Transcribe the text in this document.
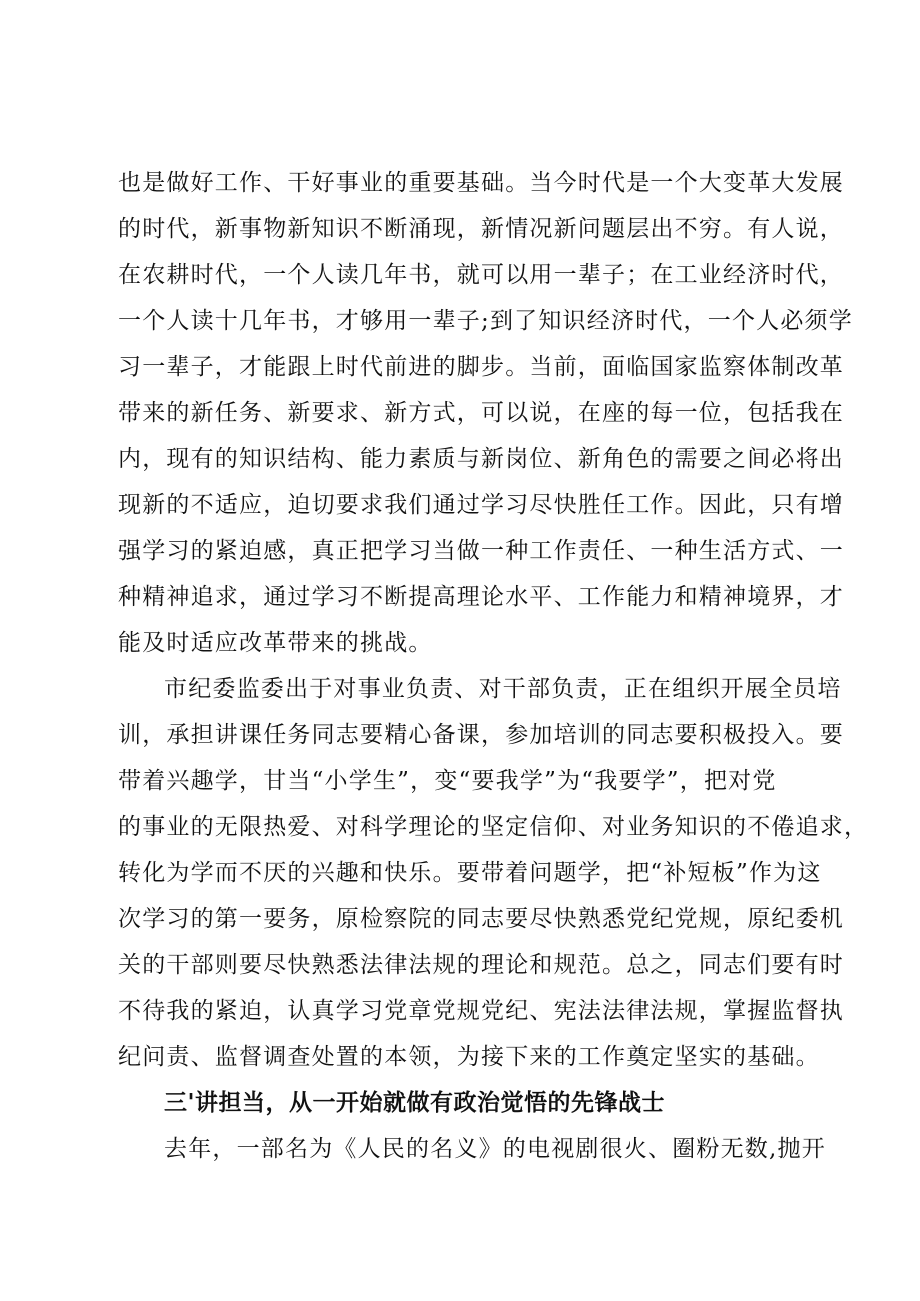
也是做好工作、干好事业的重要基础。当今时代是一个大变革大发展
的时代，新事物新知识不断涌现，新情况新问题层出不穷。有人说，
在农耕时代，一个人读几年书，就可以用一辈子；在工业经济时代，
一个人读十几年书，才够用一辈子;到了知识经济时代，一个人必须学
习一辈子，才能跟上时代前进的脚步。当前，面临国家监察体制改革
带来的新任务、新要求、新方式，可以说，在座的每一位，包括我在
内，现有的知识结构、能力素质与新岗位、新角色的需要之间必将出
现新的不适应，迫切要求我们通过学习尽快胜任工作。因此，只有增
强学习的紧迫感，真正把学习当做一种工作责任、一种生活方式、一
种精神追求，通过学习不断提高理论水平、工作能力和精神境界，才
能及时适应改革带来的挑战。
市纪委监委出于对事业负责、对干部负责，正在组织开展全员培
训，承担讲课任务同志要精心备课，参加培训的同志要积极投入。要
带着兴趣学，甘当“小学生”，变“要我学”为“我要学”，把对党
的事业的无限热爱、对科学理论的坚定信仰、对业务知识的不倦追求，
转化为学而不厌的兴趣和快乐。要带着问题学，把“补短板”作为这
次学习的第一要务，原检察院的同志要尽快熟悉党纪党规，原纪委机
关的干部则要尽快熟悉法律法规的理论和规范。总之，同志们要有时
不待我的紧迫，认真学习党章党规党纪、宪法法律法规，掌握监督执
纪问责、监督调查处置的本领，为接下来的工作奠定坚实的基础。
三'讲担当，从一开始就做有政治觉悟的先锋战士
去年，一部名为《人民的名义》的电视剧很火、圈粉无数,抛开
